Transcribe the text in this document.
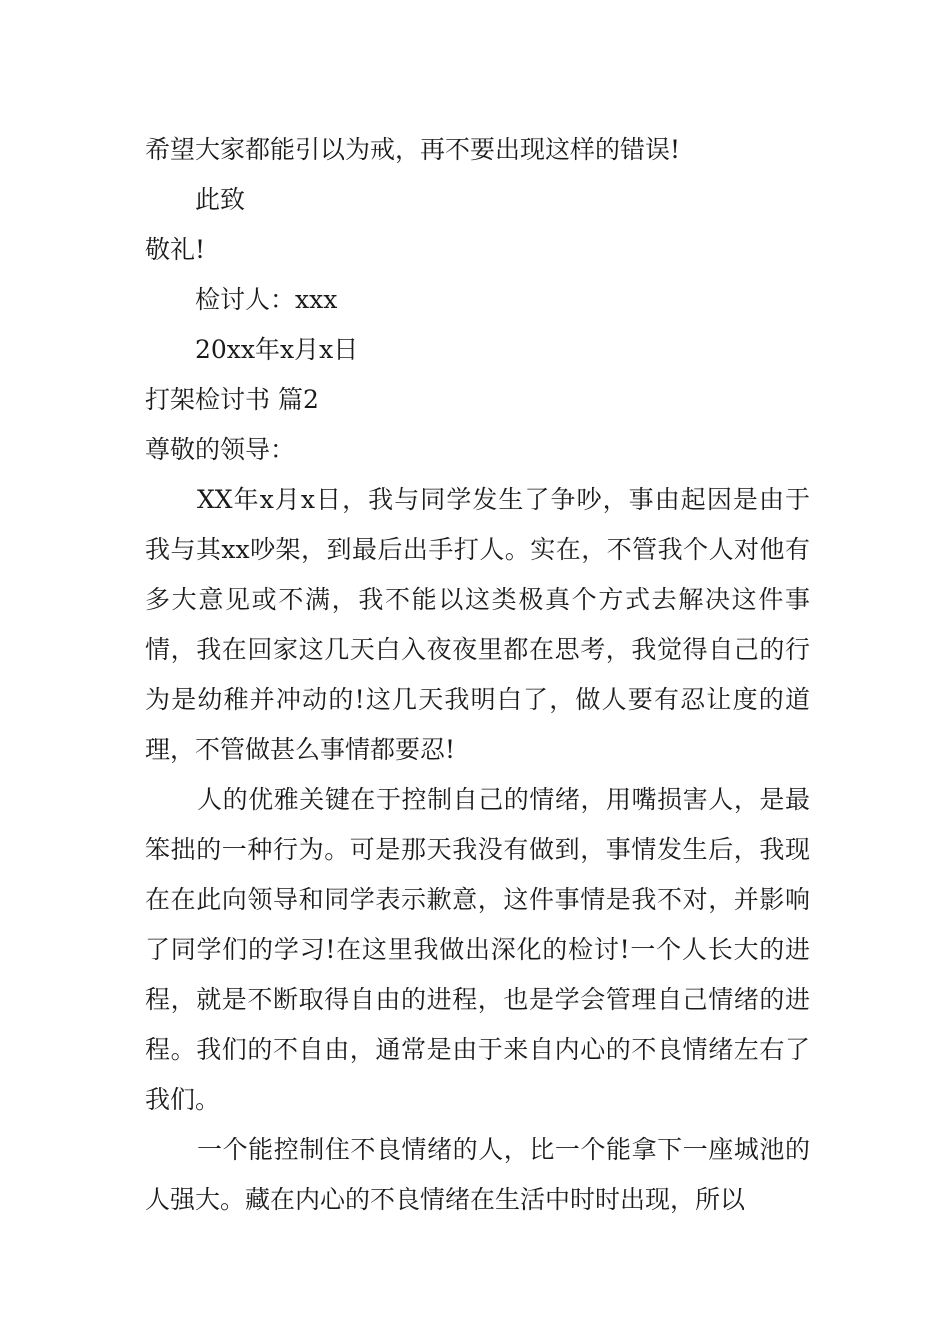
希望大家都能引以为戒，再不要出现这样的错误!
此致
敬礼!
检讨人：xxx
20xx年x月x日
打架检讨书 篇2
尊敬的领导：

XX年x月x日，我与同学发生了争吵，事由起因是由于我与其xx吵架，到最后出手打人。实在，不管我个人对他有多大意见或不满，我不能以这类极真个方式去解决这件事情，我在回家这几天白入夜夜里都在思考，我觉得自己的行为是幼稚并冲动的!这几天我明白了，做人要有忍让度的道理，不管做甚么事情都要忍!

人的优雅关键在于控制自己的情绪，用嘴损害人，是最笨拙的一种行为。可是那天我没有做到，事情发生后，我现在在此向领导和同学表示歉意，这件事情是我不对，并影响了同学们的学习!在这里我做出深化的检讨!一个人长大的进程，就是不断取得自由的进程，也是学会管理自己情绪的进程。我们的不自由，通常是由于来自内心的不良情绪左右了我们。

一个能控制住不良情绪的人，比一个能拿下一座城池的人强大。藏在内心的不良情绪在生活中时时出现，所以
